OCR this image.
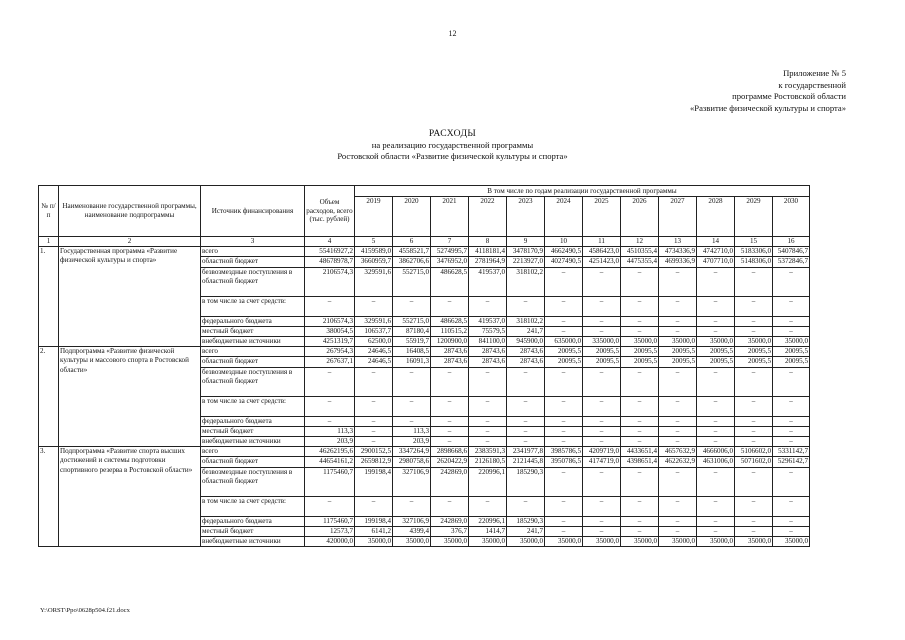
12
Приложение № 5
к государственной
программе Ростовской области
«Развитие физической культуры и спорта»
РАСХОДЫ
на реализацию государственной программы
Ростовской области «Развитие физической культуры и спорта»
№ п/п	Наименование государственной программы, наименование подпрограммы	Источник финансирования	Объем расходов, всего (тыс. рублей)	В том числе по годам реализации государственной программы											
				2019	2020	2021	2022	2023	2024	2025	2026	2027	2028	2029	2030
1	2	3	4	5	6	7	8	9	10	11	12	13	14	15	16
1.	Государственная программа «Развитие физической культуры и спорта»	всего	55416927,2	4159589,0	4558521,7	5274995,7	4118181,4	3478170,9	4662490,5	4586423,0	4510355,4	4734336,9	4742710,0	5183306,0	5407846,7
		областной бюджет	48678978,7	3660959,7	3862706,6	3476952,0	2781964,9	2213927,0	4027490,5	4251423,0	4475355,4	4699336,9	4707710,0	5148306,0	5372846,7
		безвозмездные поступления в областной бюджет	2106574,3	329591,6	552715,0	486628,5	419537,0	318102,2	–	–	–	–	–	–	–
		в том числе за счет средств:	–	–	–	–	–	–	–	–	–	–	–	–	–
		федерального бюджета	2106574,3	329591,6	552715,0	486628,5	419537,0	318102,2	–	–	–	–	–	–	–
		местный бюджет	380054,5	106537,7	87180,4	110515,2	75579,5	241,7	–	–	–	–	–	–	–
		внебюджетные источники	4251319,7	62500,0	55919,7	1200900,0	841100,0	945900,0	635000,0	335000,0	35000,0	35000,0	35000,0	35000,0	35000,0
2.	Подпрограмма «Развитие физической культуры и массового спорта в Ростовской области»	всего	267954,3	24646,5	16408,5	28743,6	28743,6	28743,6	20095,5	20095,5	20095,5	20095,5	20095,5	20095,5	20095,5
		областной бюджет	267637,1	24646,5	16091,3	28743,6	28743,6	28743,6	20095,5	20095,5	20095,5	20095,5	20095,5	20095,5	20095,5
		безвозмездные поступления в областной бюджет	–	–	–	–	–	–	–	–	–	–	–	–	–
		в том числе за счет средств:	–	–	–	–	–	–	–	–	–	–	–	–	–
		федерального бюджета	–	–	–	–	–	–	–	–	–	–	–	–	–
		местный бюджет	113,3	–	113,3	–	–	–	–	–	–	–	–	–	–
		внебюджетные источники	203,9	–	203,9	–	–	–	–	–	–	–	–	–	–
3.	Подпрограмма «Развитие спорта высших достижений и системы подготовки спортивного резерва в Ростовской области»	всего	46262195,6	2900152,5	3347264,9	2898668,6	2383591,3	2341977,8	3985786,5	4209719,0	4433651,4	4657632,9	4666006,0	5106602,0	5331142,7
		областной бюджет	44654161,2	2659812,9	2980758,6	2620422,9	2126180,5	2121445,8	3950786,5	4174719,0	4398651,4	4622632,9	4631006,0	5071602,0	5296142,7
		безвозмездные поступления в областной бюджет	1175460,7	199198,4	327106,9	242869,0	220996,1	185290,3	–	–	–	–	–	–	–
		в том числе за счет средств:	–	–	–	–	–	–	–	–	–	–	–	–	–
		федерального бюджета	1175460,7	199198,4	327106,9	242869,0	220996,1	185290,3	–	–	–	–	–	–	–
		местный бюджет	12573,7	6141,2	4399,4	376,7	1414,7	241,7	–	–	–	–	–	–	–
		внебюджетные источники	420000,0	35000,0	35000,0	35000,0	35000,0	35000,0	35000,0	35000,0	35000,0	35000,0	35000,0	35000,0	35000,0
Y:\ORST\Ppo\0628p504.f21.docx
